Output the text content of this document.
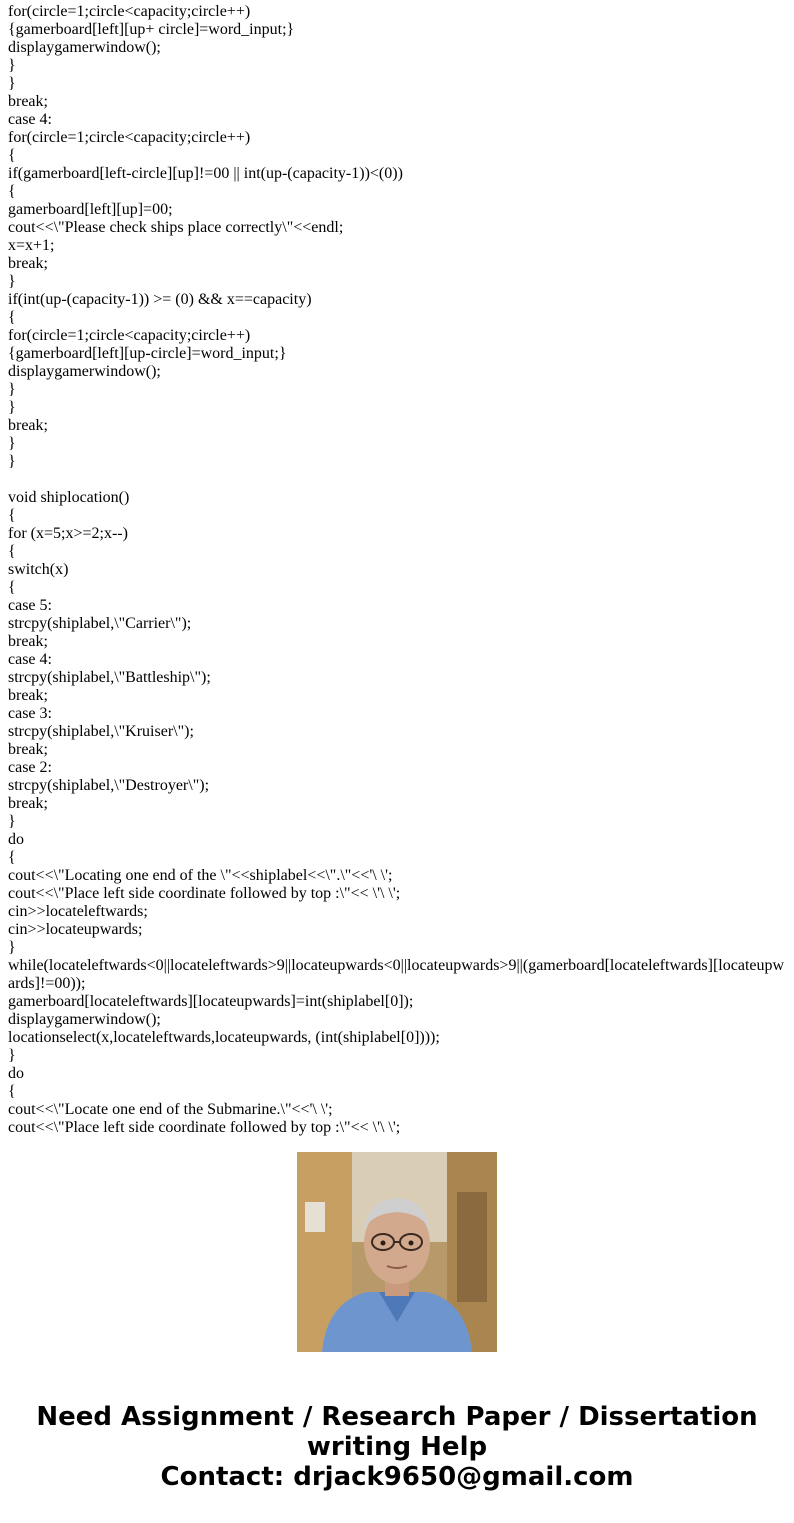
for(circle=1;circle<capacity;circle++)
{gamerboard[left][up+ circle]=word_input;}
displaygamerwindow();
}
}
break;
case 4:
for(circle=1;circle<capacity;circle++)
{
if(gamerboard[left-circle][up]!=00 || int(up-(capacity-1))<(0))
{
gamerboard[left][up]=00;
cout<<\"Please check ships place correctly\"<<endl;
x=x+1;
break;
}
if(int(up-(capacity-1)) >= (0) && x==capacity)
{
for(circle=1;circle<capacity;circle++)
{gamerboard[left][up-circle]=word_input;}
displaygamerwindow();
}
}
break;
}
}
void shiplocation()
{
for (x=5;x>=2;x--)
{
switch(x)
{
case 5:
strcpy(shiplabel,\"Carrier\");
break;
case 4:
strcpy(shiplabel,\"Battleship\");
break;
case 3:
strcpy(shiplabel,\"Kruiser\");
break;
case 2:
strcpy(shiplabel,\"Destroyer\");
break;
}
do
{
cout<<\"Locating one end of the \"<<shiplabel<<\".\"<<'\ \';
cout<<\"Place left side coordinate followed by top :\"<< \'\ \';
cin>>locateleftwards;
cin>>locateupwards;
}
while(locateleftwards<0||locateleftwards>9||locateupwards<0||locateupwards>9||(gamerboard[locateleftwards][locateupwards]!=00));
gamerboard[locateleftwards][locateupwards]=int(shiplabel[0]);
displaygamerwindow();
locationselect(x,locateleftwards,locateupwards, (int(shiplabel[0])));
}
do
{
cout<<\"Locate one end of the Submarine.\"<<'\ \';
cout<<\"Place left side coordinate followed by top :\"<< \'\ \';
Need Assignment / Research Paper / Dissertation
writing Help
Contact: drjack9650@gmail.com
